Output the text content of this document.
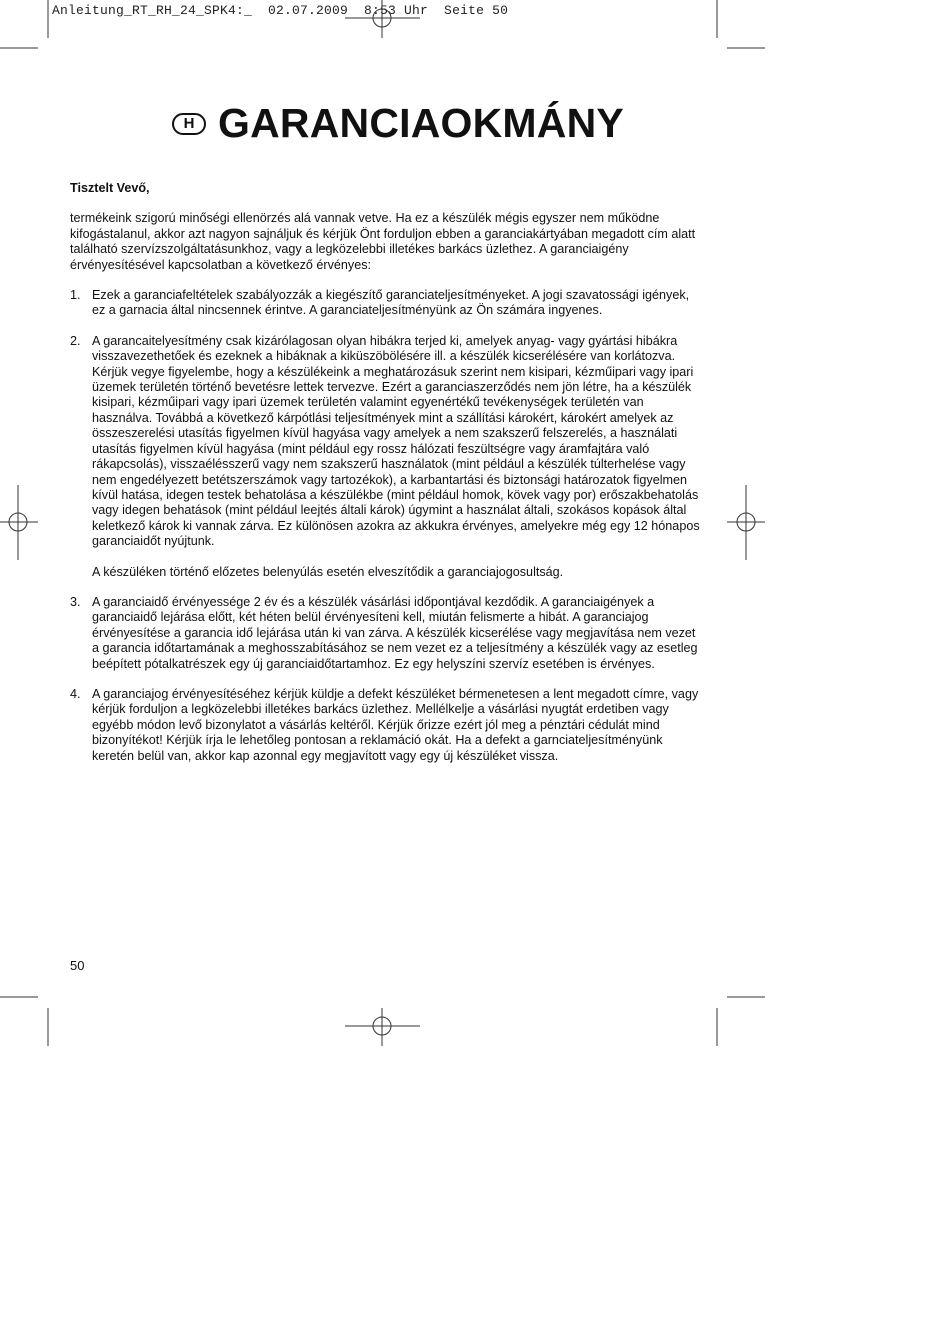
Anleitung_RT_RH_24_SPK4:_  02.07.2009  8:53 Uhr  Seite 50
H GARANCIAOKMÁNY

Tisztelt Vevő,

termékeink szigorú minőségi ellenörzés alá vannak vetve. Ha ez a készülék mégis egyszer nem működne kifogástalanul, akkor azt nagyon sajnáljuk és kérjük Önt forduljon ebben a garanciakártyában megadott cím alatt található szervízszolgáltatásunkhoz, vagy a legközelebbi illetékes barkács üzlethez. A garanciaigény érvényesítésével kapcsolatban a következő érvényes:

1. Ezek a garanciafeltételek szabályozzák a kiegészítő garanciateljesítményeket. A jogi szavatossági igények, ez a garnacia által nincsennek érintve. A garanciateljesítményünk az Ön számára ingyenes.

2. A garancaitelyesítmény csak kizárólagosan olyan hibákra terjed ki, amelyek anyag- vagy gyártási hibákra visszavezethetőek és ezeknek a hibáknak a kiküszöbölésére ill. a készülék kicserélésére van korlátozva. Kérjük vegye figyelembe, hogy a készülékeink a meghatározásuk szerint nem kisipari, kézműipari vagy ipari üzemek területén történő bevetésre lettek tervezve. Ezért a garanciaszerződés nem jön létre, ha a készülék kisipari, kézműipari vagy ipari üzemek területén valamint egyenértékű tevékenységek területén van használva. Továbbá a következő kárpótlási teljesítmények mint a szállítási károkért, károkért amelyek az összeszerelési utasítás figyelmen kívül hagyása vagy amelyek a nem szakszerű felszerelés, a használati utasítás figyelmen kívül hagyása (mint például egy rossz hálózati feszültségre vagy áramfajtára való rákapcsolás), visszaélésszerű vagy nem szakszerű használatok (mint például a készülék túlterhelése vagy nem engedélyezett betétszerszámok vagy tartozékok), a karbantartási és biztonsági határozatok figyelmen kívül hatása, idegen testek behatolása a készülékbe (mint például homok, kövek vagy por) erőszakbehatolás vagy idegen behatások (mint például leejtés általi károk) úgymint a használat általi, szokásos kopások által keletkező károk ki vannak zárva. Ez különösen azokra az akkukra érvényes, amelyekre még egy 12 hónapos garanciaidőt nyújtunk.

A készüléken történő előzetes belenyúlás esetén elveszítődik a garanciajogosultság.

3. A garanciaidő érvényessége 2 év és a készülék vásárlási időpontjával kezdődik. A garanciaigények a garanciaidő lejárása előtt, két héten belül érvényesíteni kell, miután felismerte a hibát. A garanciajog érvényesítése a garancia idő lejárása után ki van zárva. A készülék kicserélése vagy megjavítása nem vezet a garancia időtartamának a meghosszabításához se nem vezet ez a teljesítmény a készülék vagy az esetleg beépített pótalkatrészek egy új garanciaidőtartamhoz. Ez egy helyszíni szervíz esetében is érvényes.

4. A garanciajog érvényesítéséhez kérjük küldje a defekt készüléket bérmenetesen a lent megadott címre, vagy kérjük forduljon a legközelebbi illetékes barkács üzlethez. Mellélkelje a vásárlási nyugtát erdetiben vagy egyébb módon levő bizonylatot a vásárlás keltéről. Kérjük őrizze ezért jól meg a pénztári cédulát mind bizonyítékot! Kérjük írja le lehetőleg pontosan a reklamáció okát. Ha a defekt a garnciateljesítményünk keretén belül van, akkor kap azonnal egy megjavított vagy egy új készüléket vissza.

50
